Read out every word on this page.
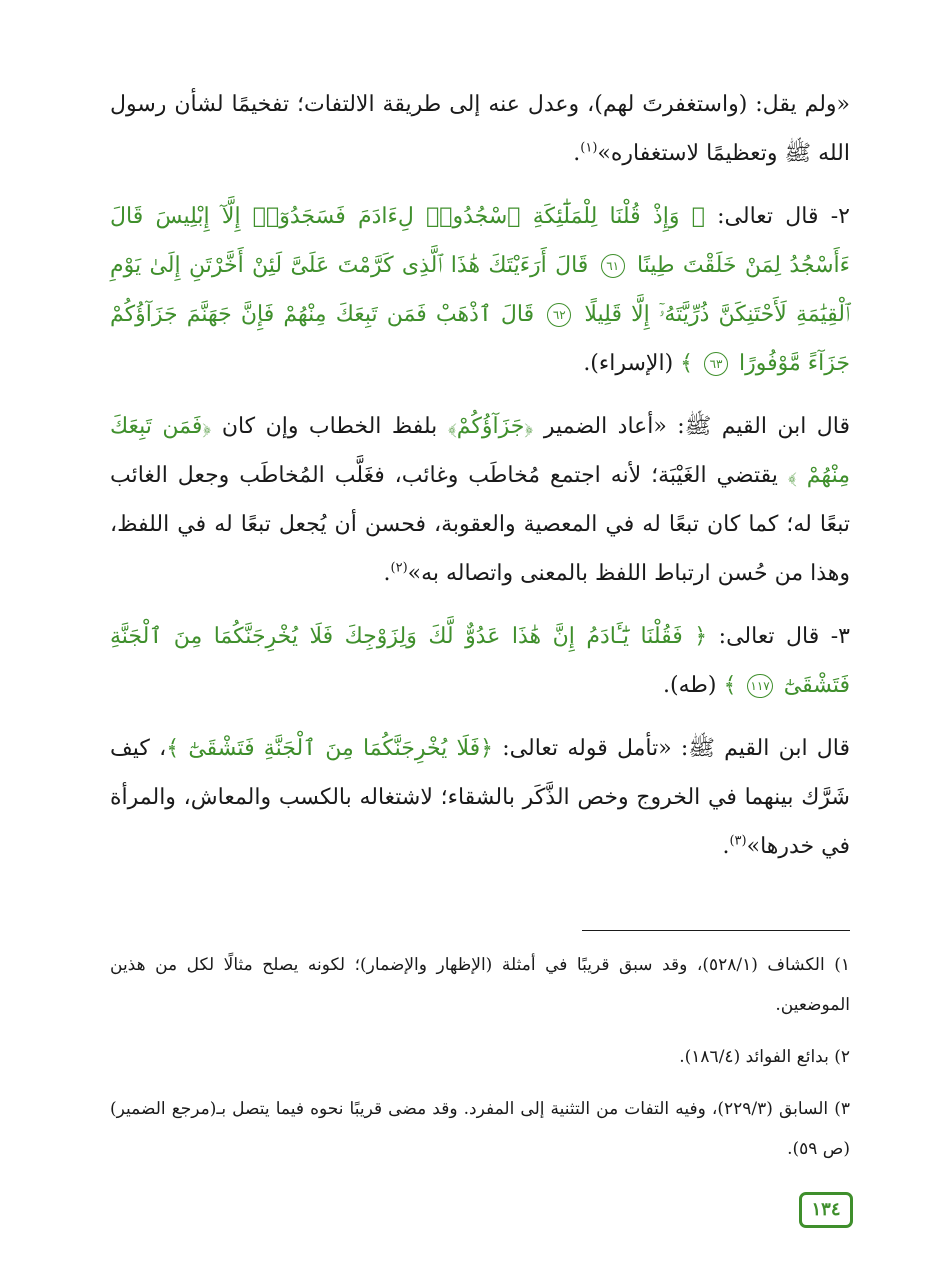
«ولم يقل: (واستغفرتَ لهم)، وعدل عنه إلى طريقة الالتفات؛ تفخيمًا لشأن رسول الله ﷺ وتعظيمًا لاستغفاره»$^{(١)}$.

٢- قال تعالى: ﴿ وَإِذْ قُلْنَا لِلْمَلَٰٓئِكَةِ ٱسْجُدُوا۟ لِءَادَمَ فَسَجَدُوٓا۟ إِلَّآ إِبْلِيسَ قَالَ ءَأَسْجُدُ لِمَنْ خَلَقْتَ طِينًا ٦١ قَالَ أَرَءَيْتَكَ هَٰذَا ٱلَّذِى كَرَّمْتَ عَلَىَّ لَئِنْ أَخَّرْتَنِ إِلَىٰ يَوْمِ ٱلْقِيَٰمَةِ لَأَحْتَنِكَنَّ ذُرِّيَّتَهُۥٓ إِلَّا قَلِيلًا ٦٢ قَالَ ٱذْهَبْ فَمَن تَبِعَكَ مِنْهُمْ فَإِنَّ جَهَنَّمَ جَزَآؤُكُمْ جَزَآءً مَّوْفُورًا ٦٣ ﴾ (الإسراء).

قال ابن القيم ﷺ: «أعاد الضمير ﴿جَزَآؤُكُمْ﴾ بلفظ الخطاب وإن كان ﴿فَمَن تَبِعَكَ مِنْهُمْ ﴾ يقتضي الغَيْبَة؛ لأنه اجتمع مُخاطَب وغائب، فغَلَّب المُخاطَب وجعل الغائب تبعًا له؛ كما كان تبعًا له في المعصية والعقوبة، فحسن أن يُجعل تبعًا له في اللفظ، وهذا من حُسن ارتباط اللفظ بالمعنى واتصاله به»$^{(٢)}$.

٣- قال تعالى: ﴿ فَقُلْنَا يَٰٓـَٔادَمُ إِنَّ هَٰذَا عَدُوٌّ لَّكَ وَلِزَوْجِكَ فَلَا يُخْرِجَنَّكُمَا مِنَ ٱلْجَنَّةِ فَتَشْقَىٰٓ ١١٧ ﴾ (طه).

قال ابن القيم ﷺ: «تأمل قوله تعالى: ﴿فَلَا يُخْرِجَنَّكُمَا مِنَ ٱلْجَنَّةِ فَتَشْقَىٰٓ ﴾، كيف شَرَّك بينهما في الخروج وخص الذَّكَر بالشقاء؛ لاشتغاله بالكسب والمعاش، والمرأة في خدرها»$^{(٣)}$.

١) الكشاف (٥٢٨/١)، وقد سبق قريبًا في أمثلة (الإظهار والإضمار)؛ لكونه يصلح مثالًا لكل من هذين الموضعين.

٢) بدائع الفوائد (١٨٦/٤).

٣) السابق (٢٢٩/٣)، وفيه التفات من التثنية إلى المفرد. وقد مضى قريبًا نحوه فيما يتصل بـ(مرجع الضمير) (ص ٥٩).

١٣٤
